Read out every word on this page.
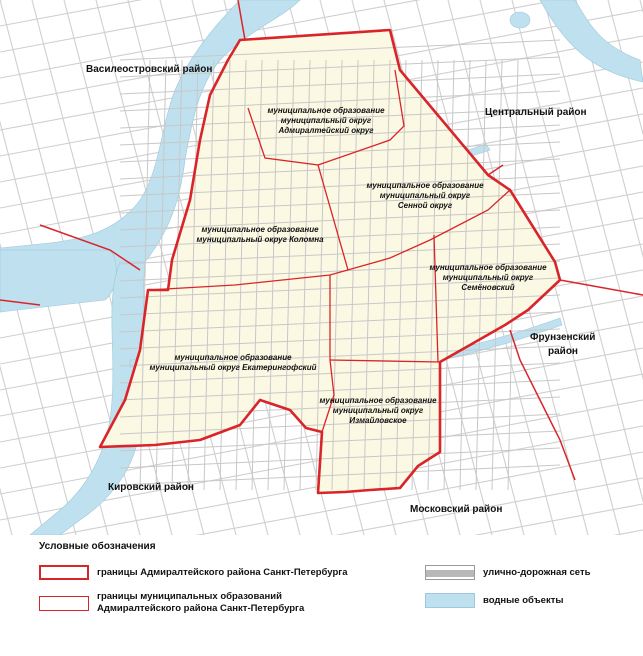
Василеостровский район
Центральный район
Фрунзенский
район
Кировский район
Московский район
муниципальное образование
муниципальный округ
Адмиралтейский округ
муниципальное образование
муниципальный округ
Сенной округ
муниципальное образование
муниципальный округ Коломна
муниципальное образование
муниципальный округ
Семёновский
муниципальное образование
муниципальный округ Екатерингофский
муниципальное образование
муниципальный округ
Измайловское
Условные обозначения
границы Адмиралтейского района Санкт-Петербурга
границы муниципальных образований
Адмиралтейского района Санкт-Петербурга
улично-дорожная сеть
водные объекты
